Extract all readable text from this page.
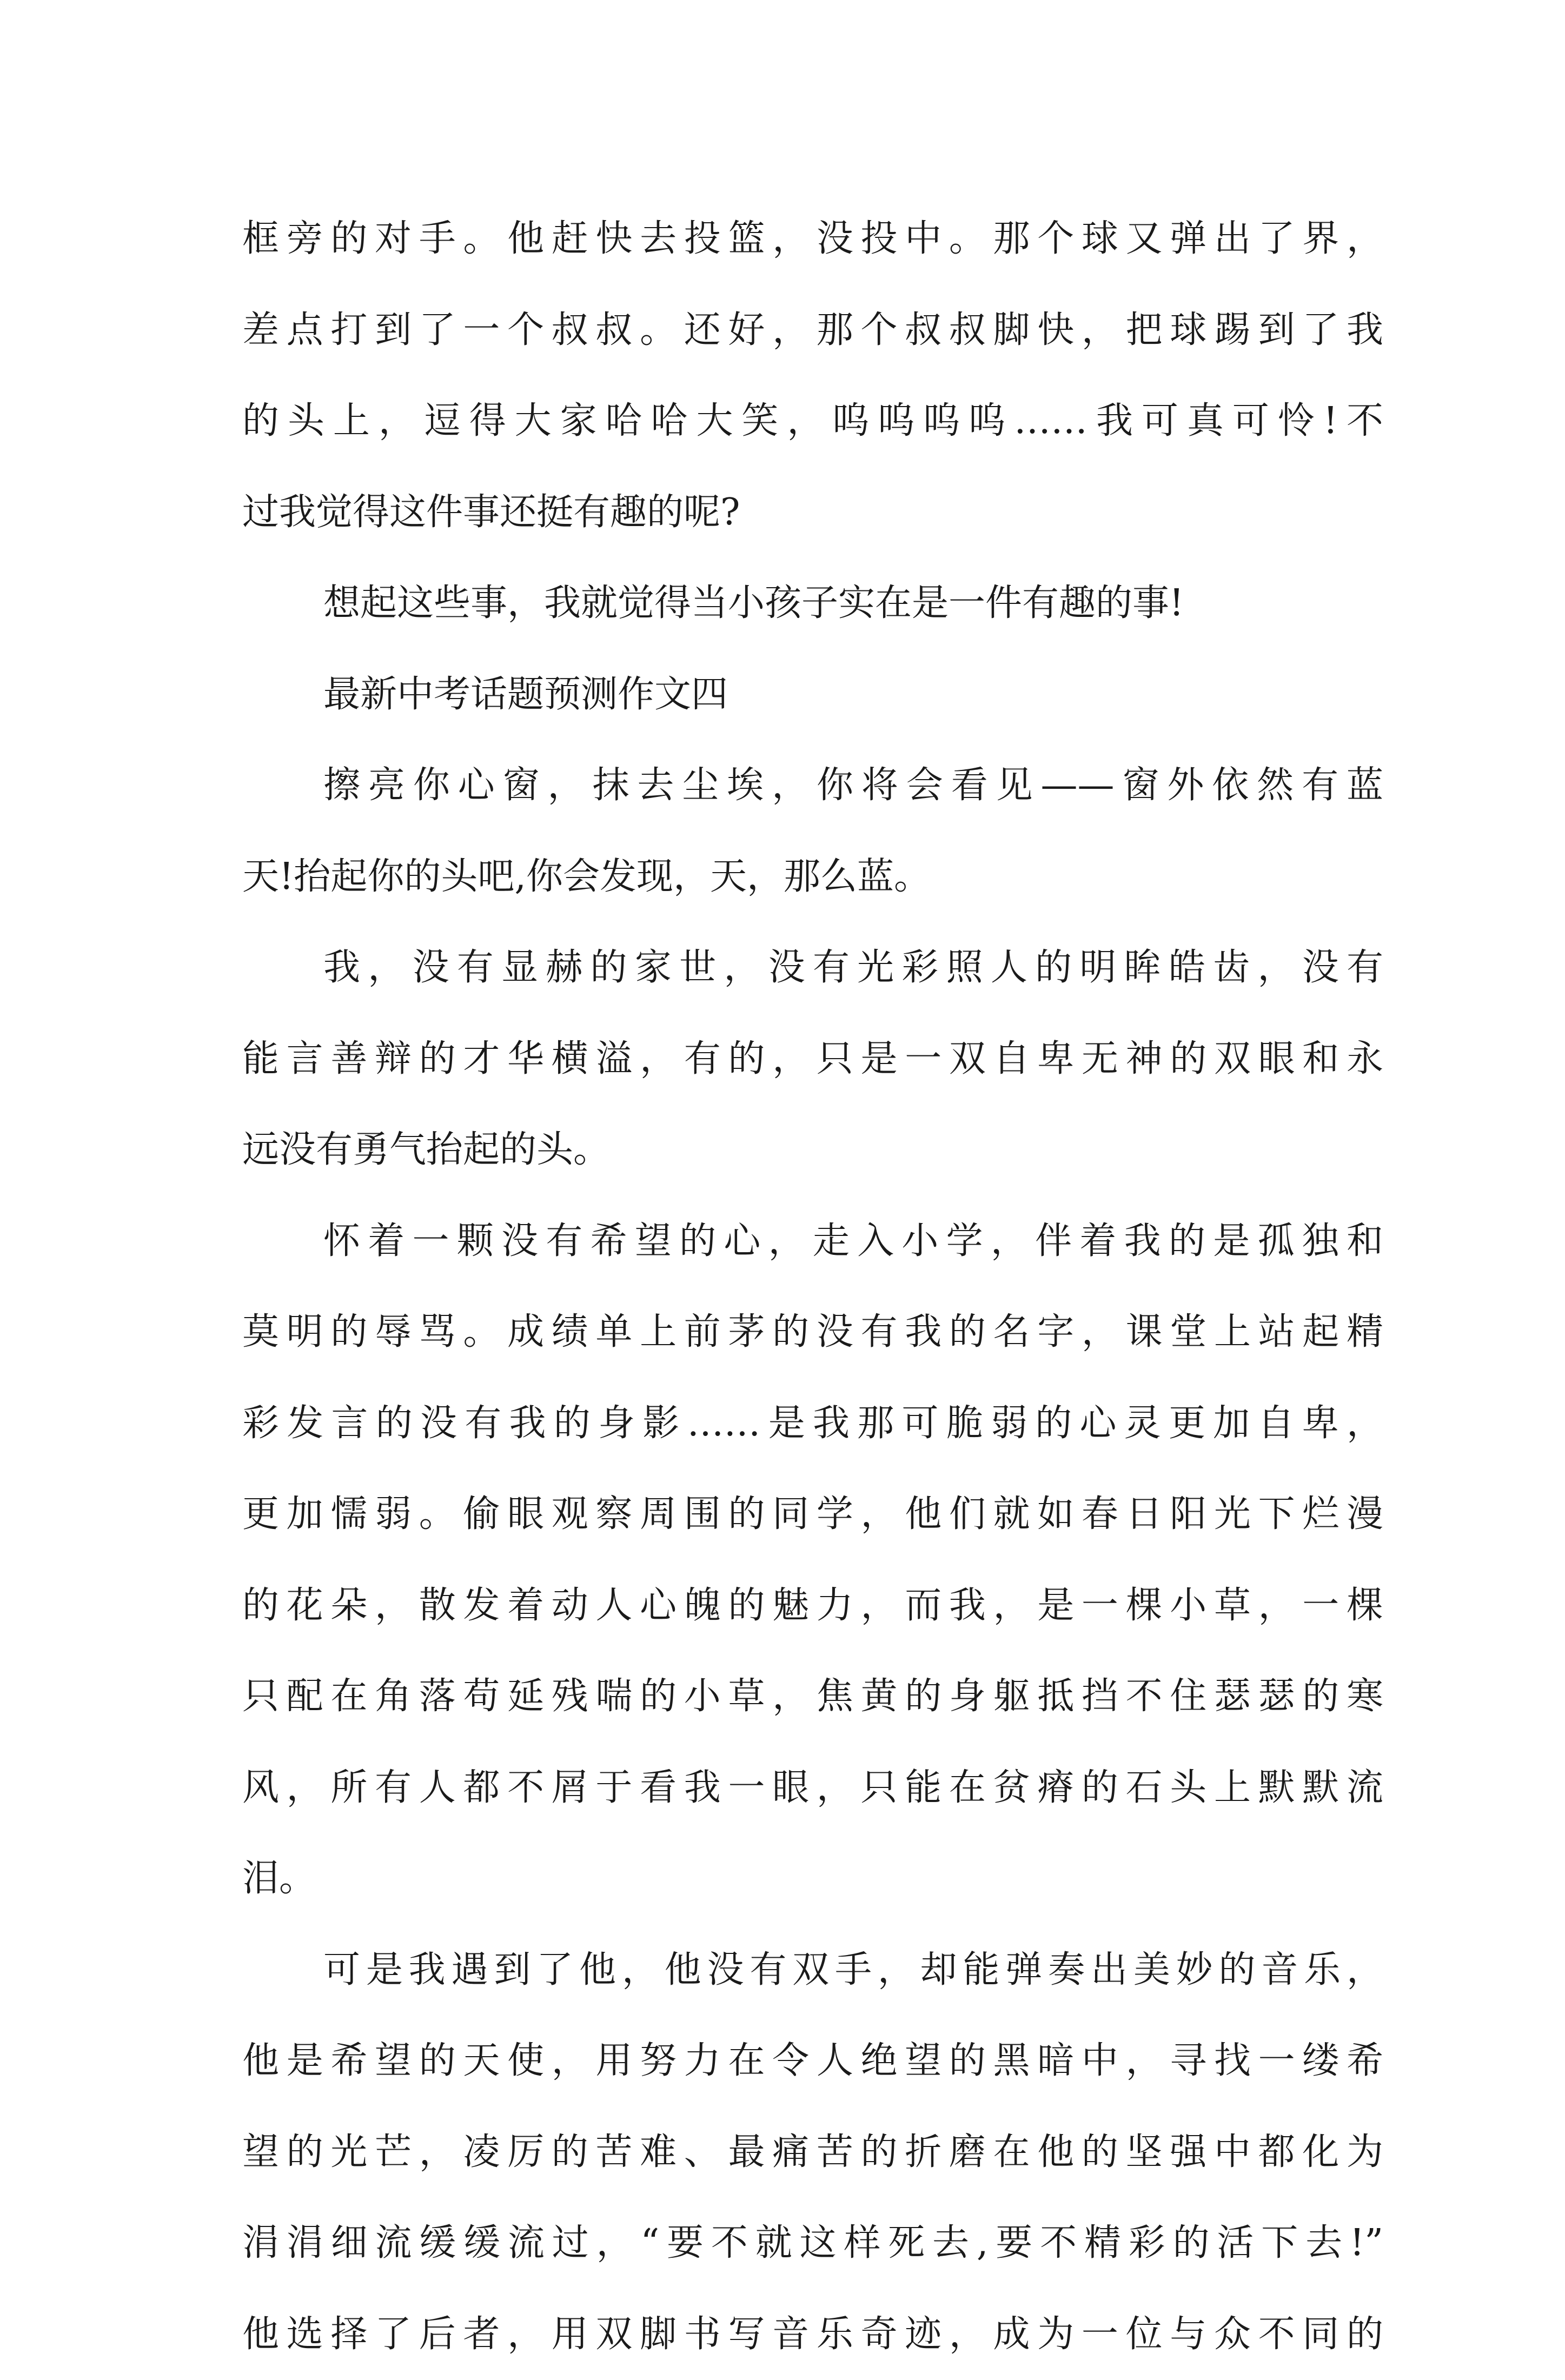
框旁的对手。他赶快去投篮，没投中。那个球又弹出了界，
差点打到了一个叔叔。还好，那个叔叔脚快，把球踢到了我
的头上，逗得大家哈哈大笑，呜呜呜呜……我可真可怜!不
过我觉得这件事还挺有趣的呢?
想起这些事，我就觉得当小孩子实在是一件有趣的事!
最新中考话题预测作文四
擦亮你心窗，抹去尘埃，你将会看见——窗外依然有蓝
天!抬起你的头吧,你会发现，天，那么蓝。
我，没有显赫的家世，没有光彩照人的明眸皓齿，没有
能言善辩的才华横溢，有的，只是一双自卑无神的双眼和永
远没有勇气抬起的头。
怀着一颗没有希望的心，走入小学，伴着我的是孤独和
莫明的辱骂。成绩单上前茅的没有我的名字，课堂上站起精
彩发言的没有我的身影……是我那可脆弱的心灵更加自卑，
更加懦弱。偷眼观察周围的同学，他们就如春日阳光下烂漫
的花朵，散发着动人心魄的魅力，而我，是一棵小草，一棵
只配在角落苟延残喘的小草，焦黄的身躯抵挡不住瑟瑟的寒
风，所有人都不屑于看我一眼，只能在贫瘠的石头上默默流
泪。
可是我遇到了他，他没有双手，却能弹奏出美妙的音乐，
他是希望的天使，用努力在令人绝望的黑暗中，寻找一缕希
望的光芒，凌厉的苦难、最痛苦的折磨在他的坚强中都化为
涓涓细流缓缓流过，“要不就这样死去,要不精彩的活下去!”
他选择了后者，用双脚书写音乐奇迹，成为一位与众不同的
